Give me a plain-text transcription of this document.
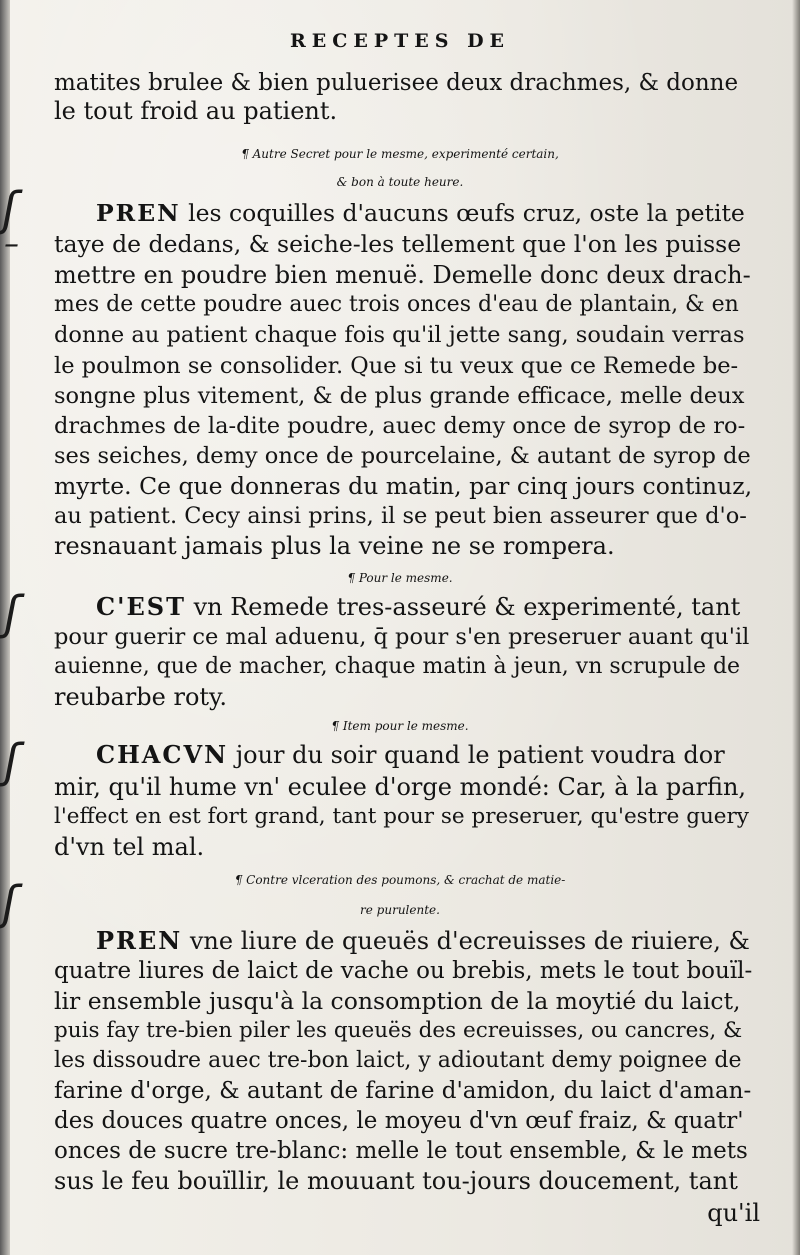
RECEPTES DE
ʃ
–
ʃ
ʃ
ʃ
matites brulee & bien puluerisee deux drachmes, & donne
le tout froid au patient.
¶ Autre Secret pour le mesme, experimenté certain,
& bon à toute heure.
PREN les coquilles d'aucuns œufs cruz, oste la petite
taye de dedans, & seiche-les tellement que l'on les puisse
mettre en poudre bien menuë. Demelle donc deux drach-
mes de cette poudre auec trois onces d'eau de plantain, & en
donne au patient chaque fois qu'il jette sang, soudain verras
le poulmon se consolider. Que si tu veux que ce Remede be-
songne plus vitement, & de plus grande efficace, melle deux
drachmes de la-dite poudre, auec demy once de syrop de ro-
ses seiches, demy once de pourcelaine, & autant de syrop de
myrte. Ce que donneras du matin, par cinq jours continuz,
au patient. Cecy ainsi prins, il se peut bien asseurer que d'o-
resnauant jamais plus la veine ne se rompera.
¶ Pour le mesme.
C'EST vn Remede tres-asseuré & experimenté, tant
pour guerir ce mal aduenu, q̄ pour s'en preseruer auant qu'il
auienne, que de macher, chaque matin à jeun, vn scrupule de
reubarbe roty.
¶ Item pour le mesme.
CHACVN jour du soir quand le patient voudra dor
mir, qu'il hume vn' eculee d'orge mondé: Car, à la parfin,
l'effect en est fort grand, tant pour se preseruer, qu'estre guery
d'vn tel mal.
¶ Contre vlceration des poumons, & crachat de matie-
re purulente.
PREN vne liure de queuës d'ecreuisses de riuiere, &
quatre liures de laict de vache ou brebis, mets le tout bouïl-
lir ensemble jusqu'à la consomption de la moytié du laict,
puis fay tre-bien piler les queuës des ecreuisses, ou cancres, &
les dissoudre auec tre-bon laict, y adioutant demy poignee de
farine d'orge, & autant de farine d'amidon, du laict d'aman-
des douces quatre onces, le moyeu d'vn œuf fraiz, & quatr'
onces de sucre tre-blanc: melle le tout ensemble, & le mets
sus le feu bouïllir, le mouuant tou-jours doucement, tant
qu'il
